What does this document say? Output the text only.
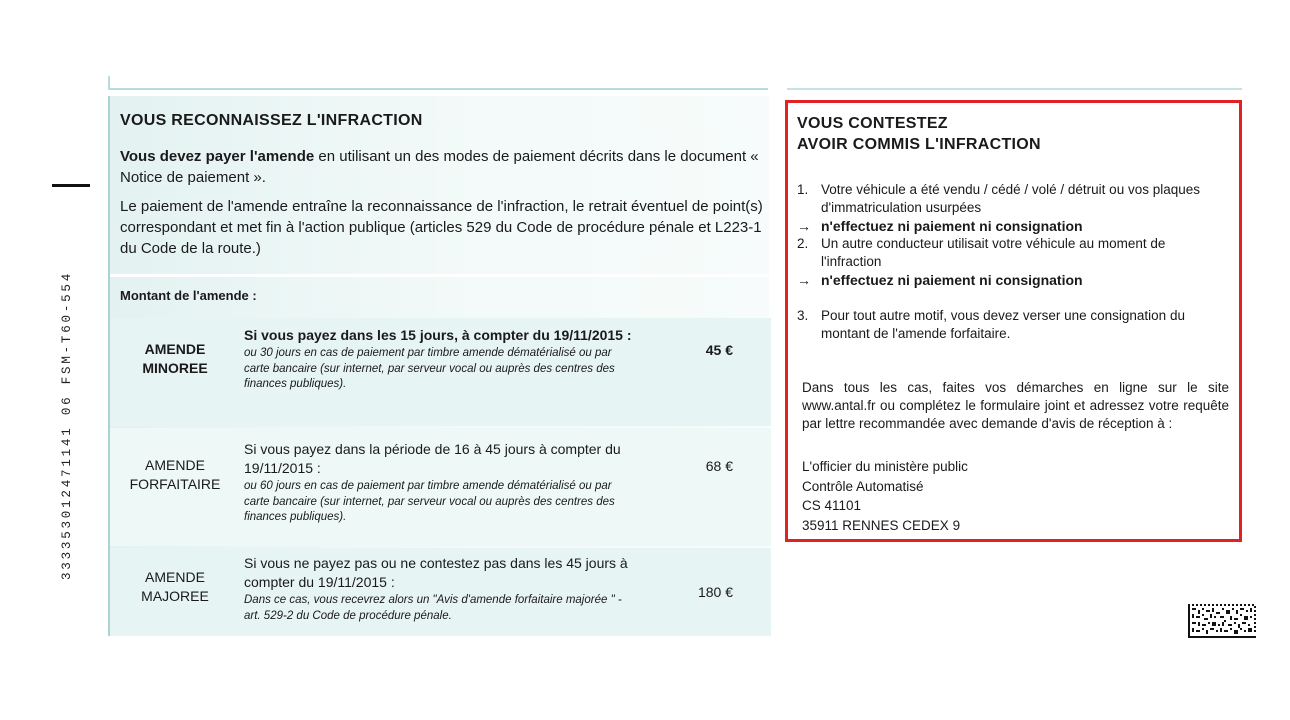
333353012471141 06 FSM-T60-554
VOUS RECONNAISSEZ L'INFRACTION
Vous devez payer l'amende en utilisant un des modes de paiement décrits dans le document « Notice de paiement ».
Le paiement de l'amende entraîne la reconnaissance de l'infraction, le retrait éventuel de point(s) correspondant et met fin à l'action publique (articles 529 du Code de procédure pénale et L223-1 du Code de la route.)
Montant de l'amende :
AMENDE
MINOREE
Si vous payez dans les 15 jours, à compter du 19/11/2015 :
ou 30 jours en cas de paiement par timbre amende dématérialisé ou par carte bancaire (sur internet, par serveur vocal ou auprès des centres des finances publiques).
45 €
AMENDE
FORFAITAIRE
Si vous payez dans la période de 16 à 45 jours à compter du 19/11/2015 :
ou 60 jours en cas de paiement par timbre amende dématérialisé ou par carte bancaire (sur internet, par serveur vocal ou auprès des centres des finances publiques).
68 €
AMENDE
MAJOREE
Si vous ne payez pas ou ne contestez pas dans les 45 jours à compter du 19/11/2015 :
Dans ce cas, vous recevrez alors un "Avis d'amende forfaitaire majorée " - art. 529-2 du Code de procédure pénale.
180 €
VOUS CONTESTEZ
AVOIR COMMIS L'INFRACTION
1. Votre véhicule a été vendu / cédé / volé / détruit ou vos plaques d'immatriculation usurpées
→ n'effectuez ni paiement ni consignation
2. Un autre conducteur utilisait votre véhicule au moment de l'infraction
→ n'effectuez ni paiement ni consignation
3. Pour tout autre motif, vous devez verser une consignation du montant de l'amende forfaitaire.
Dans tous les cas, faites vos démarches en ligne sur le site www.antal.fr ou complétez le formulaire joint et adressez votre requête par lettre recommandée avec demande d'avis de réception à :
L'officier du ministère public
Contrôle Automatisé
CS 41101
35911 RENNES CEDEX 9
